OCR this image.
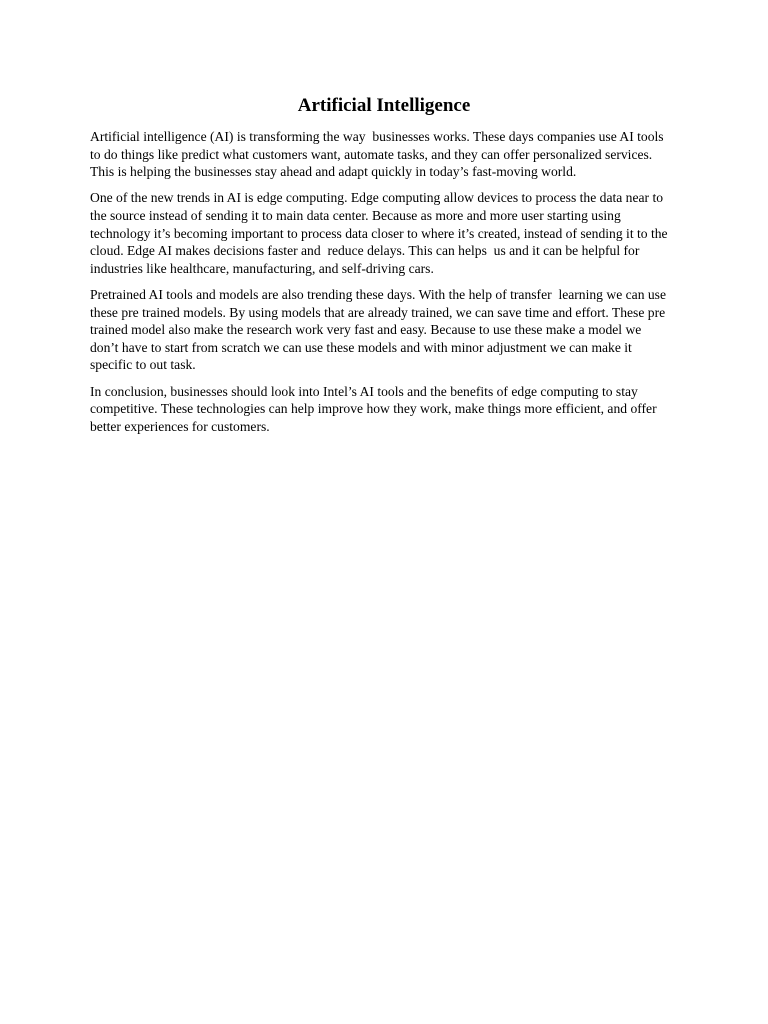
Artificial Intelligence

Artificial intelligence (AI) is transforming the way  businesses works. These days companies use AI tools
to do things like predict what customers want, automate tasks, and they can offer personalized services.
This is helping the businesses stay ahead and adapt quickly in today’s fast-moving world.

One of the new trends in AI is edge computing. Edge computing allow devices to process the data near to
the source instead of sending it to main data center. Because as more and more user starting using
technology it’s becoming important to process data closer to where it’s created, instead of sending it to the
cloud. Edge AI makes decisions faster and  reduce delays. This can helps  us and it can be helpful for
industries like healthcare, manufacturing, and self-driving cars.

Pretrained AI tools and models are also trending these days. With the help of transfer  learning we can use
these pre trained models. By using models that are already trained, we can save time and effort. These pre
trained model also make the research work very fast and easy. Because to use these make a model we
don’t have to start from scratch we can use these models and with minor adjustment we can make it
specific to out task.

In conclusion, businesses should look into Intel’s AI tools and the benefits of edge computing to stay
competitive. These technologies can help improve how they work, make things more efficient, and offer
better experiences for customers.
